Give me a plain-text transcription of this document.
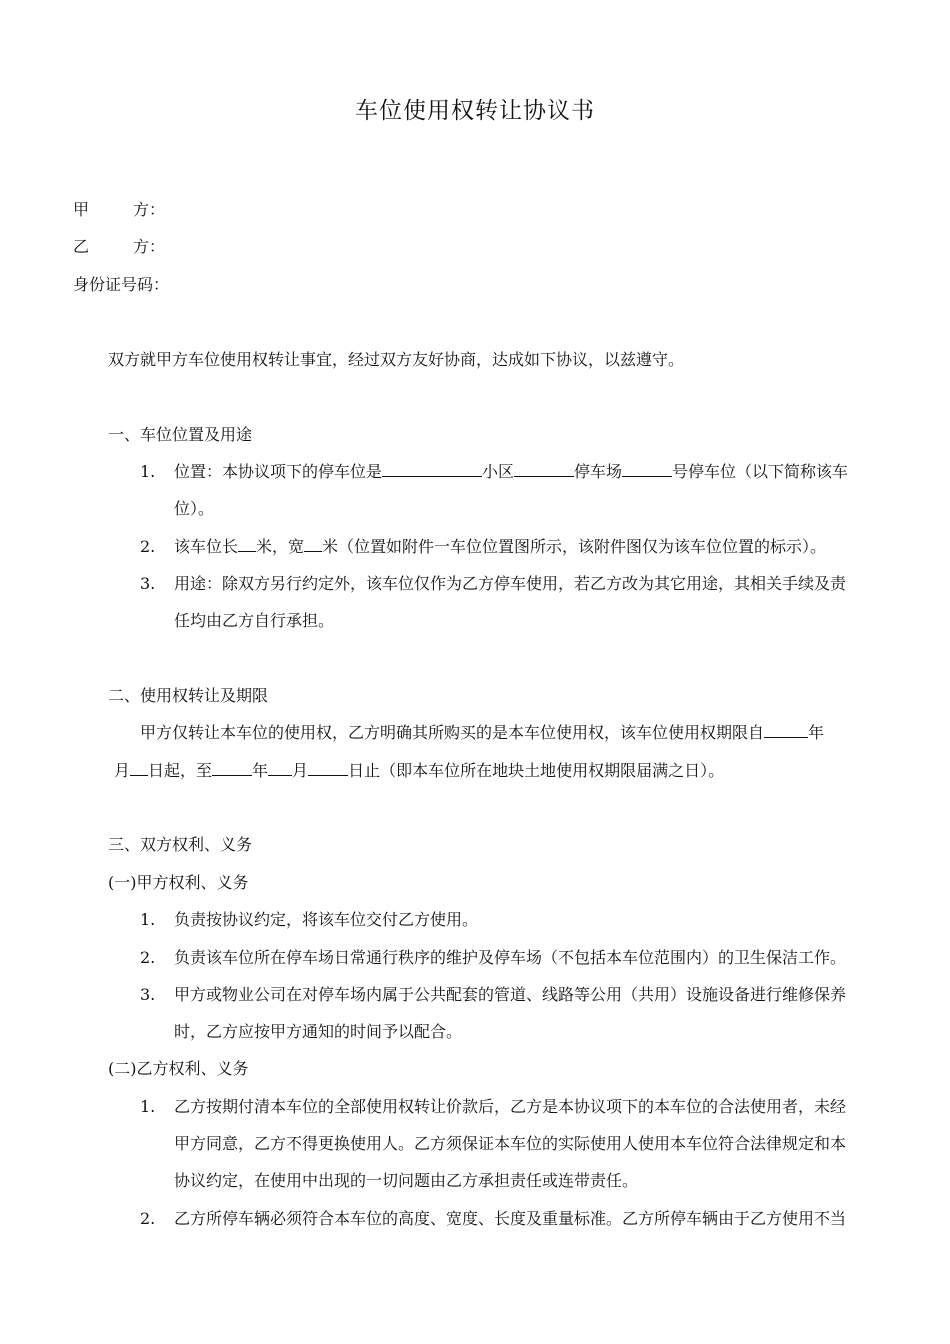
车位使用权转让协议书
甲	方：
乙	方：
身份证号码：
双方就甲方车位使用权转让事宜，经过双方友好协商，达成如下协议，以兹遵守。
一、车位位置及用途
1. 位置：本协议项下的停车位是	小区	停车场	号停车位（以下简称该车
位）。
2. 该车位长 米，宽 米（位置如附件一车位位置图所示，该附件图仅为该车位位置的标示）。
3. 用途：除双方另行约定外，该车位仅作为乙方停车使用，若乙方改为其它用途，其相关手续及责
任均由乙方自行承担。
二、使用权转让及期限
甲方仅转让本车位的使用权，乙方明确其所购买的是本车位使用权，该车位使用权期限自	年
月 日起，至	年 月	日止（即本车位所在地块土地使用权期限届满之日）。
三、双方权利、义务
(一)甲方权利、义务
1. 负责按协议约定，将该车位交付乙方使用。
2. 负责该车位所在停车场日常通行秩序的维护及停车场（不包括本车位范围内）的卫生保洁工作。
3. 甲方或物业公司在对停车场内属于公共配套的管道、线路等公用（共用）设施设备进行维修保养
时，乙方应按甲方通知的时间予以配合。
(二)乙方权利、义务
1. 乙方按期付清本车位的全部使用权转让价款后，乙方是本协议项下的本车位的合法使用者，未经
甲方同意，乙方不得更换使用人。乙方须保证本车位的实际使用人使用本车位符合法律规定和本
协议约定，在使用中出现的一切问题由乙方承担责任或连带责任。
2. 乙方所停车辆必须符合本车位的高度、宽度、长度及重量标准。乙方所停车辆由于乙方使用不当
